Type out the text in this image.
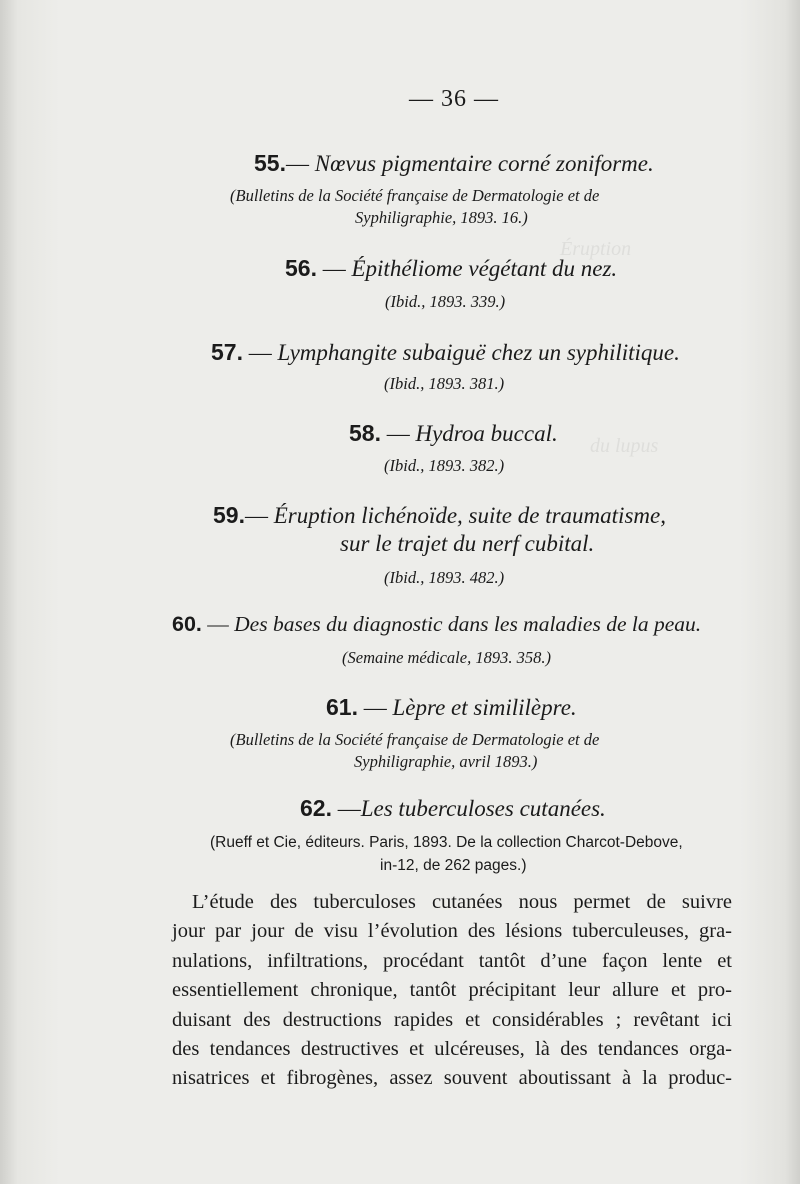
Éruption
du lupus
— 36 —
55.— Nœvus pigmentaire corné zoniforme.
(Bulletins de la Société française de Dermatologie et de
Syphiligraphie, 1893. 16.)
56. — Épithéliome végétant du nez.
(Ibid., 1893. 339.)
57. — Lymphangite subaiguë chez un syphilitique.
(Ibid., 1893. 381.)
58. — Hydroa buccal.
(Ibid., 1893. 382.)
59.— Éruption lichénoïde, suite de traumatisme,
sur le trajet du nerf cubital.
(Ibid., 1893. 482.)
60. — Des bases du diagnostic dans les maladies de la peau.
(Semaine médicale, 1893. 358.)
61. — Lèpre et simililèpre.
(Bulletins de la Société française de Dermatologie et de
Syphiligraphie, avril 1893.)
62. —Les tuberculoses cutanées.
(Rueff et Cie, éditeurs. Paris, 1893. De la collection Charcot-Debove,
in-12, de 262 pages.)
L’étude des tuberculoses cutanées nous permet de suivre
jour par jour de visu l’évolution des lésions tuberculeuses, gra-
nulations, infiltrations, procédant tantôt d’une façon lente et
essentiellement chronique, tantôt précipitant leur allure et pro-
duisant des destructions rapides et considérables ; revêtant ici
des tendances destructives et ulcéreuses, là des tendances orga-
nisatrices et fibrogènes, assez souvent aboutissant à la produc-
